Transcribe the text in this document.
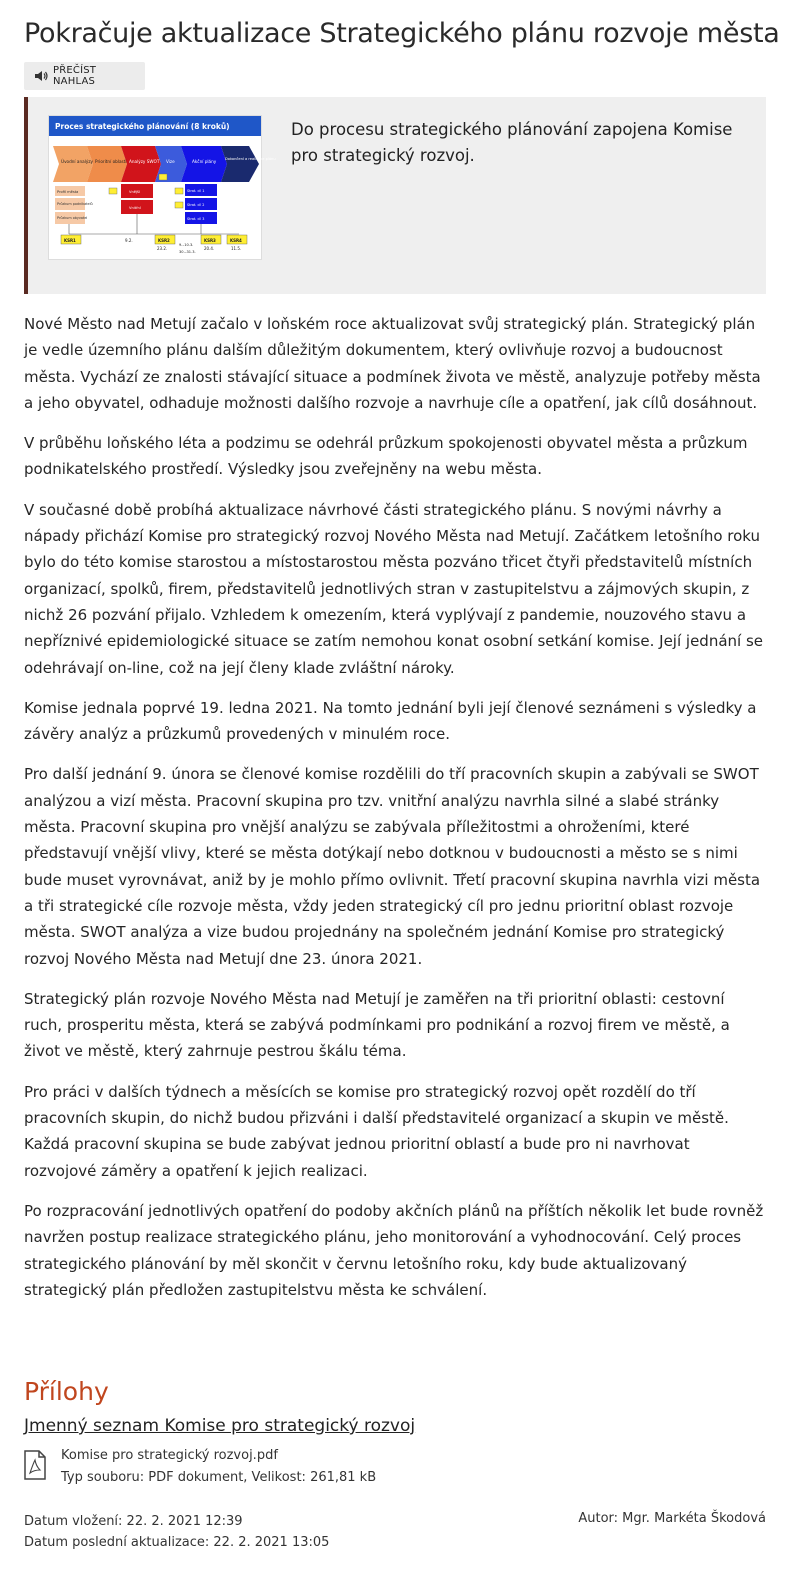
Pokračuje aktualizace Strategického plánu rozvoje města
PŘEČÍST NAHLAS
Proces strategického plánování (8 kroků)
Úvodní analýzy Prioritní oblasti Analýzy SWOT Vize	Akční plány Dokončení a realizace plánu
Profil města
Průzkum podnikatelů
Průzkum obyvatel
Vnější
Vnitřní
Strat. cíl 1
Strat. cíl 2
Strat. cíl 3
KSR1	KSR2	KSR3	KSR4
9.2.
23.2.
9.–10.3.
30.–31.3.
20.4.	11.5.
Do procesu strategického plánování zapojena Komise pro strategický rozvoj.

Nové Město nad Metují začalo v loňském roce aktualizovat svůj strategický plán. Strategický plán je vedle územního plánu dalším důležitým dokumentem, který ovlivňuje rozvoj a budoucnost města. Vychází ze znalosti stávající situace a podmínek života ve městě, analyzuje potřeby města a jeho obyvatel, odhaduje možnosti dalšího rozvoje a navrhuje cíle a opatření, jak cílů dosáhnout.

V průběhu loňského léta a podzimu se odehrál průzkum spokojenosti obyvatel města a průzkum podnikatelského prostředí. Výsledky jsou zveřejněny na webu města.

V současné době probíhá aktualizace návrhové části strategického plánu. S novými návrhy a nápady přichází Komise pro strategický rozvoj Nového Města nad Metují. Začátkem letošního roku bylo do této komise starostou a místostarostou města pozváno třicet čtyři představitelů místních organizací, spolků, firem, představitelů jednotlivých stran v zastupitelstvu a zájmových skupin, z nichž 26 pozvání přijalo. Vzhledem k omezením, která vyplývají z pandemie, nouzového stavu a nepříznivé epidemiologické situace se zatím nemohou konat osobní setkání komise. Její jednání se odehrávají on-line, což na její členy klade zvláštní nároky.

Komise jednala poprvé 19. ledna 2021. Na tomto jednání byli její členové seznámeni s výsledky a závěry analýz a průzkumů provedených v minulém roce.

Pro další jednání 9. února se členové komise rozdělili do tří pracovních skupin a zabývali se SWOT analýzou a vizí města. Pracovní skupina pro tzv. vnitřní analýzu navrhla silné a slabé stránky města. Pracovní skupina pro vnější analýzu se zabývala příležitostmi a ohroženími, které představují vnější vlivy, které se města dotýkají nebo dotknou v budoucnosti a město se s nimi bude muset vyrovnávat, aniž by je mohlo přímo ovlivnit. Třetí pracovní skupina navrhla vizi města a tři strategické cíle rozvoje města, vždy jeden strategický cíl pro jednu prioritní oblast rozvoje města. SWOT analýza a vize budou projednány na společném jednání Komise pro strategický rozvoj Nového Města nad Metují dne 23. února 2021.

Strategický plán rozvoje Nového Města nad Metují je zaměřen na tři prioritní oblasti: cestovní ruch, prosperitu města, která se zabývá podmínkami pro podnikání a rozvoj firem ve městě, a život ve městě, který zahrnuje pestrou škálu téma.

Pro práci v dalších týdnech a měsících se komise pro strategický rozvoj opět rozdělí do tří pracovních skupin, do nichž budou přizváni i další představitelé organizací a skupin ve městě. Každá pracovní skupina se bude zabývat jednou prioritní oblastí a bude pro ni navrhovat rozvojové záměry a opatření k jejich realizaci.

Po rozpracování jednotlivých opatření do podoby akčních plánů na příštích několik let bude rovněž navržen postup realizace strategického plánu, jeho monitorování a vyhodnocování. Celý proces strategického plánování by měl skončit v červnu letošního roku, kdy bude aktualizovaný strategický plán předložen zastupitelstvu města ke schválení.

Přílohy
Jmenný seznam Komise pro strategický rozvoj
Komise pro strategický rozvoj.pdf
Typ souboru: PDF dokument, Velikost: 261,81 kB
Datum vložení: 22. 2. 2021 12:39
Datum poslední aktualizace: 22. 2. 2021 13:05
Autor: Mgr. Markéta Škodová
